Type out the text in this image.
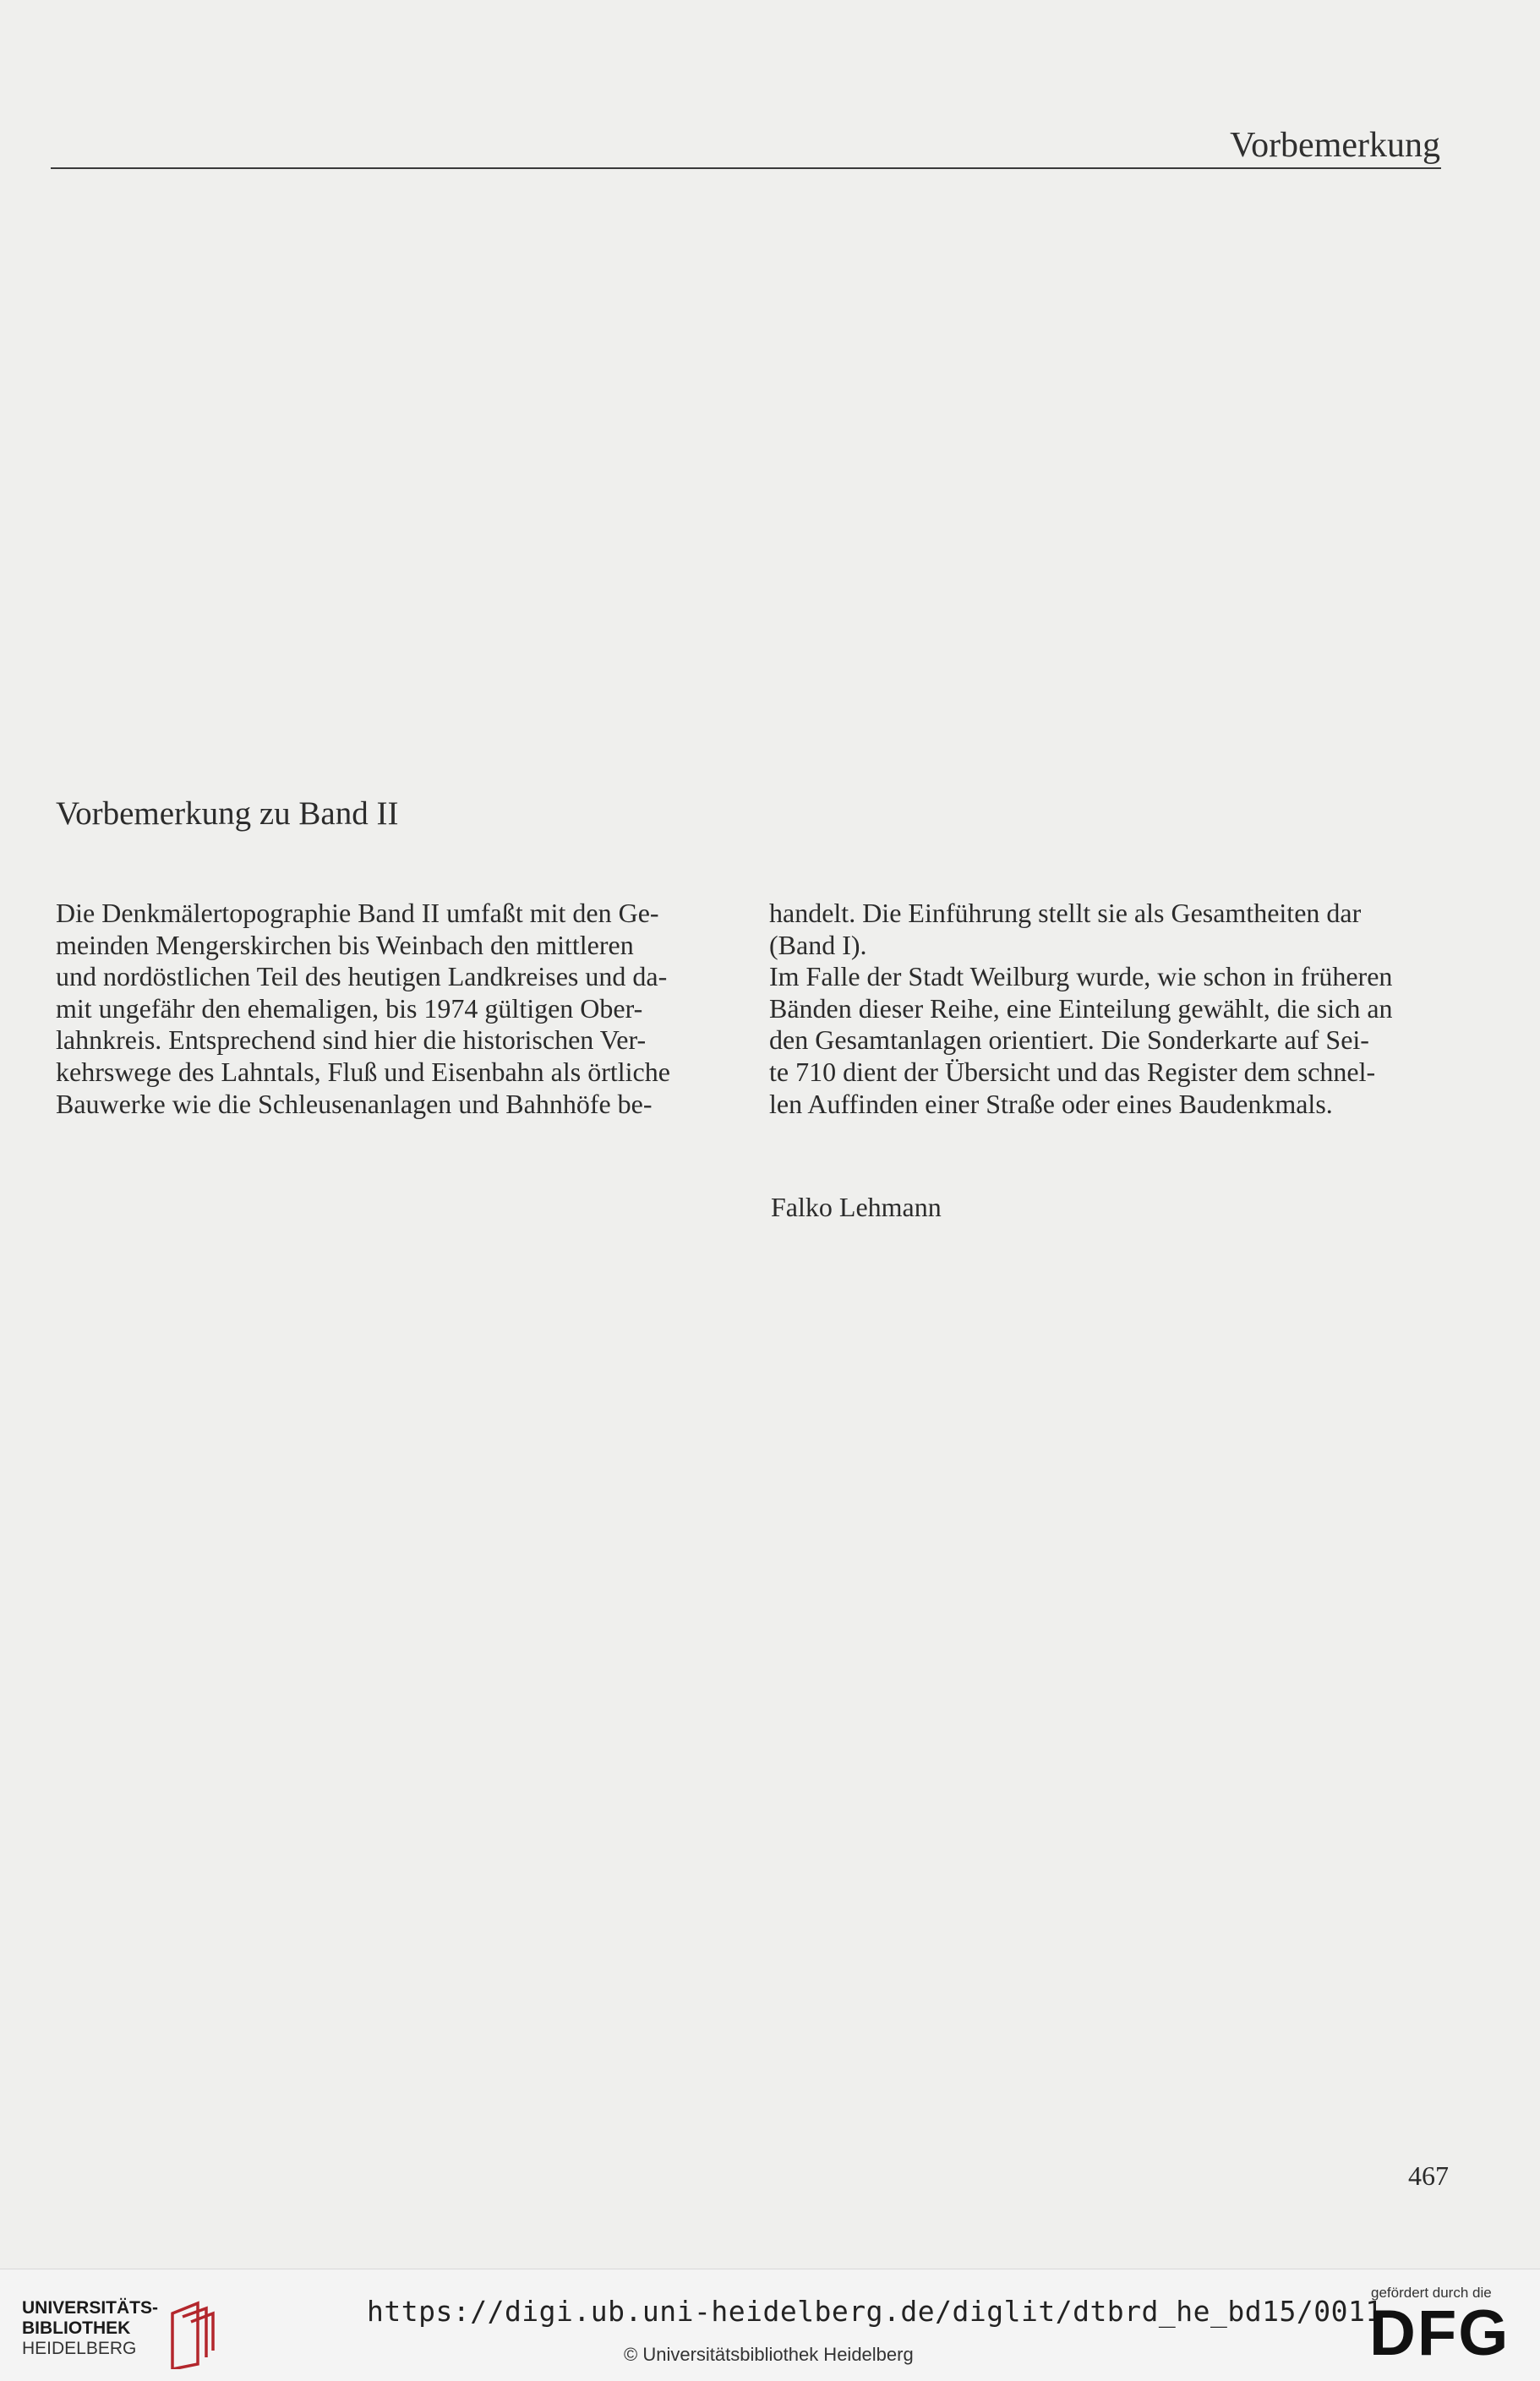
Vorbemerkung
Vorbemerkung zu Band II

Die Denkmälertopographie Band II umfaßt mit den Ge-

meinden Mengerskirchen bis Weinbach den mittleren

und nordöstlichen Teil des heutigen Landkreises und da-

mit ungefähr den ehemaligen, bis 1974 gültigen Ober-

lahnkreis. Entsprechend sind hier die historischen Ver-

kehrswege des Lahntals, Fluß und Eisenbahn als örtliche

Bauwerke wie die Schleusenanlagen und Bahnhöfe be-

handelt. Die Einführung stellt sie als Gesamtheiten dar

(Band I).

Im Falle der Stadt Weilburg wurde, wie schon in früheren

Bänden dieser Reihe, eine Einteilung gewählt, die sich an

den Gesamtanlagen orientiert. Die Sonderkarte auf Sei-

te 710 dient der Übersicht und das Register dem schnel-

len Auffinden einer Straße oder eines Baudenkmals.

Falko Lehmann
467
UNIVERSITÄTS-
BIBLIOTHEK
HEIDELBERG
https://digi.ub.uni-heidelberg.de/diglit/dtbrd_he_bd15/0011
© Universitätsbibliothek Heidelberg
gefördert durch die
DFG
